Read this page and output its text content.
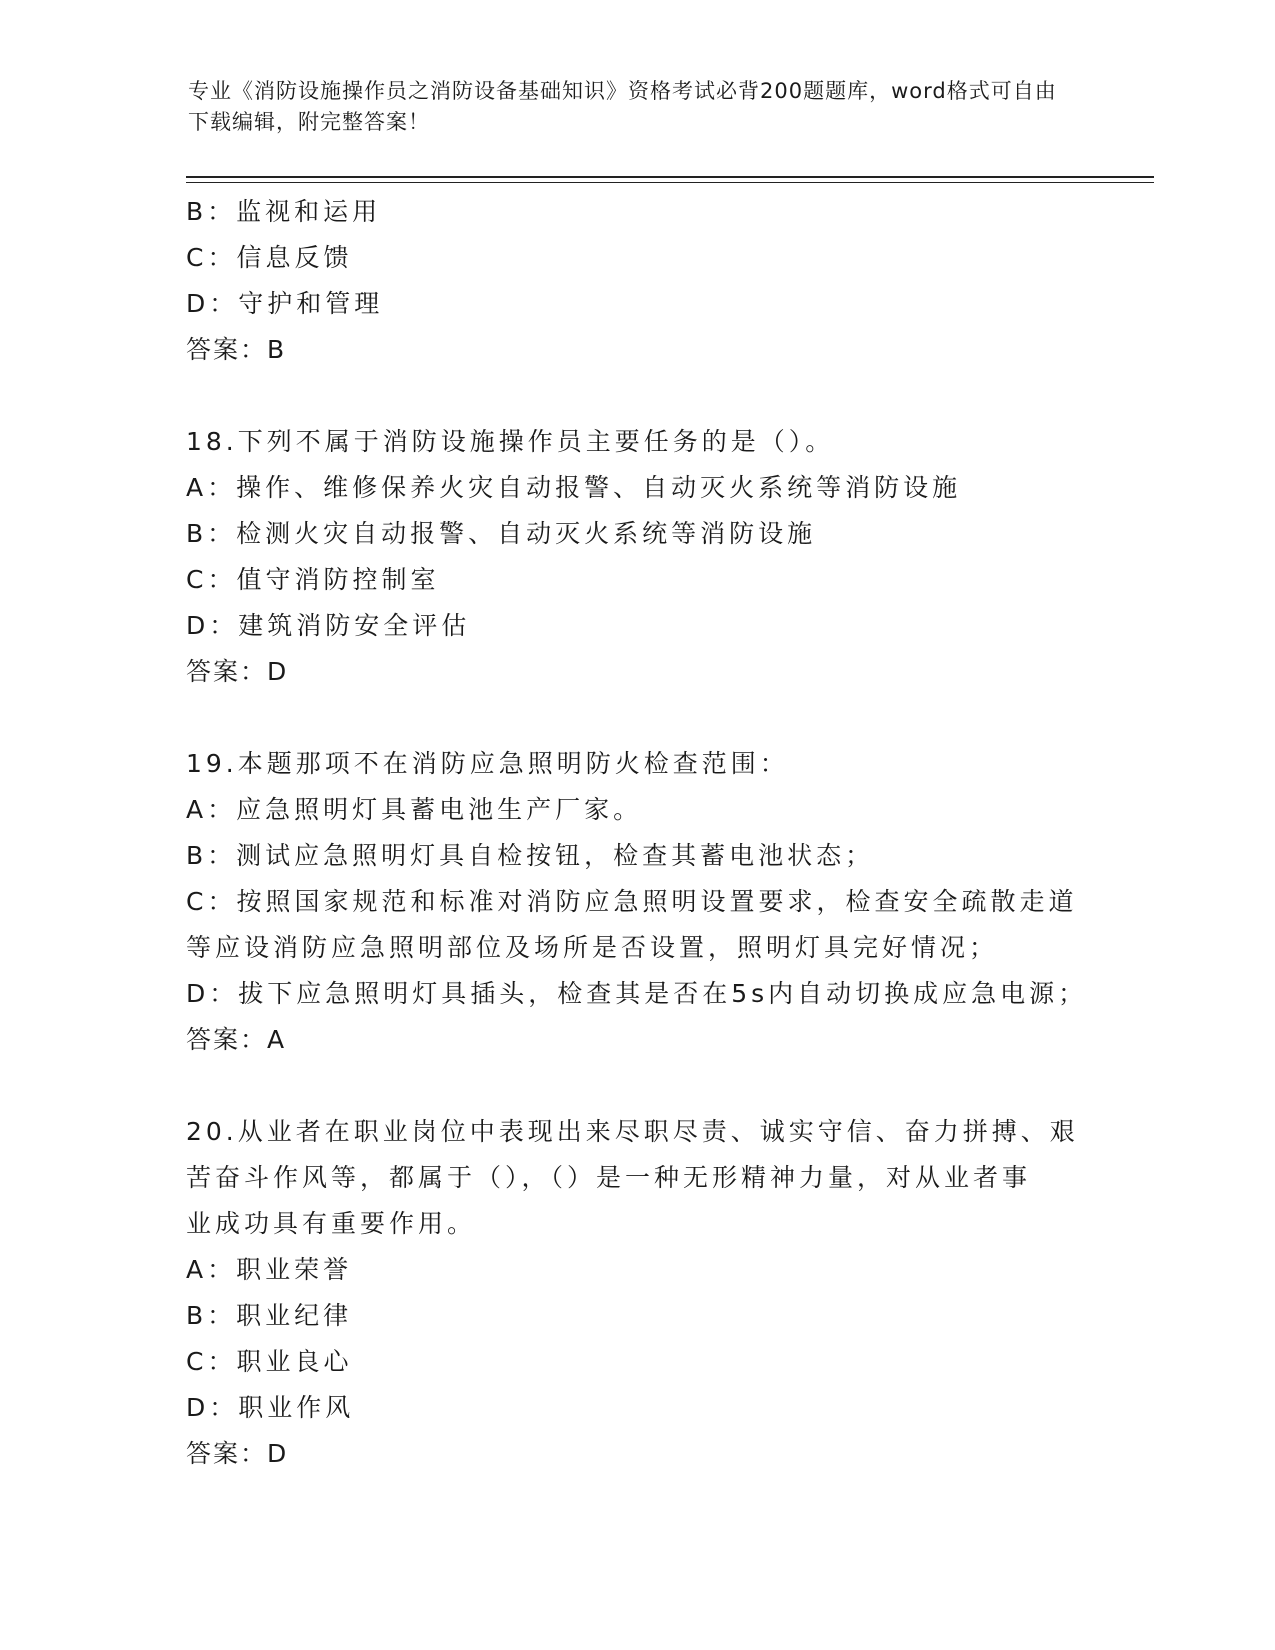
专业《消防设施操作员之消防设备基础知识》资格考试必背200题题库，word格式可自由下载编辑，附完整答案！
B：监视和运用
C：信息反馈
D：守护和管理
答案：B
18.下列不属于消防设施操作员主要任务的是（）。
A：操作、维修保养火灾自动报警、自动灭火系统等消防设施
B：检测火灾自动报警、自动灭火系统等消防设施
C：值守消防控制室
D：建筑消防安全评估
答案：D
19.本题那项不在消防应急照明防火检查范围：
A：应急照明灯具蓄电池生产厂家。
B：测试应急照明灯具自检按钮，检查其蓄电池状态；
C：按照国家规范和标准对消防应急照明设置要求，检查安全疏散走道
等应设消防应急照明部位及场所是否设置，照明灯具完好情况；
D：拔下应急照明灯具插头，检查其是否在5s内自动切换成应急电源；
答案：A
20.从业者在职业岗位中表现出来尽职尽责、诚实守信、奋力拼搏、艰
苦奋斗作风等，都属于（），（）是一种无形精神力量，对从业者事
业成功具有重要作用。
A：职业荣誉
B：职业纪律
C：职业良心
D：职业作风
答案：D
